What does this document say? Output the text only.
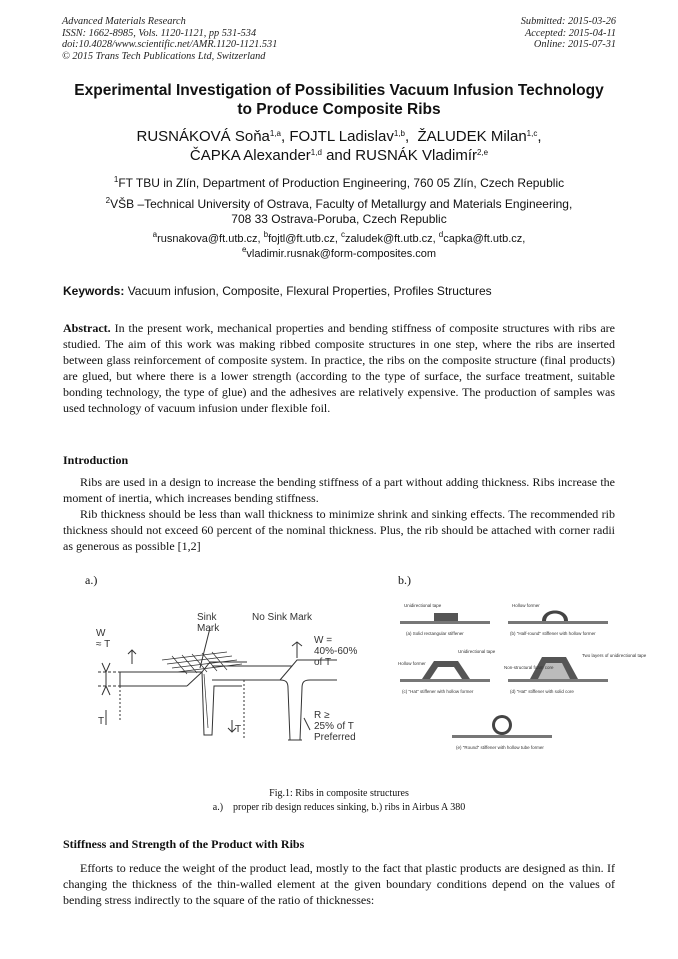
Advanced Materials Research
ISSN: 1662-8985, Vols. 1120-1121, pp 531-534
doi:10.4028/www.scientific.net/AMR.1120-1121.531
© 2015 Trans Tech Publications Ltd, Switzerland
Submitted: 2015-03-26
Accepted: 2015-04-11
Online: 2015-07-31
Experimental Investigation of Possibilities Vacuum Infusion Technology
to Produce Composite Ribs
RUSNÁKOVÁ Soňa$^{1,a}$, FOJTL Ladislav$^{1,b}$,  ŽALUDEK Milan$^{1,c}$,
ČAPKA Alexander$^{1,d}$ and RUSNÁK Vladimír$^{2,e}$
$^1$FT TBU in Zlín, Department of Production Engineering, 760 05 Zlín, Czech Republic
$^2$VŠB –Technical University of Ostrava, Faculty of Metallurgy and Materials Engineering,
708 33 Ostrava-Poruba, Czech Republic
$^a$rusnakova@ft.utb.cz, $^b$fojtl@ft.utb.cz, $^c$zaludek@ft.utb.cz, $^d$capka@ft.utb.cz,
$^e$vladimir.rusnak@form-composites.com
Keywords: Vacuum infusion, Composite, Flexural Properties, Profiles Structures
Abstract. In the present work, mechanical properties and bending stiffness of composite structures with ribs are studied. The aim of this work was making ribbed composite structures in one step, where the ribs are inserted between glass reinforcement of composite system. In practice, the ribs on the composite structure (final products) are glued, but where there is a lower strength (according to the type of surface, the surface treatment, suitable bonding technology, the type of glue) and the adhesives are relatively expensive. The production of samples was used technology of vacuum infusion under flexible foil.
Introduction
Ribs are used in a design to increase the bending stiffness of a part without adding thickness. Ribs increase the moment of inertia, which increases bending stiffness.
Rib thickness should be less than wall thickness to minimize shrink and sinking effects. The recommended rib thickness should not exceed 60 percent of the nominal thickness. Plus, the rib should be attached with corner radii as generous as possible [1,2]
a.)	b.)
Sink
Mark
No Sink Mark
W
≈ T	W =
40%-60%
of T
T
T
R ≥
25% of T
Preferred
Unidirectional tape
(a) Solid rectangular stiffener
Hollow former
(b) "Half-round" stiffener with hollow former
Hollow former
Unidirectional tape
(c) "Hat" stiffener with hollow former
Non-structural foam core
Two layers of unidirectional tape
(d) "Hat" stiffener with solid core
(e) "Round" stiffener with hollow tube former
Fig.1: Ribs in composite structures
a.)    proper rib design reduces sinking, b.) ribs in Airbus A 380
Stiffness and Strength of the Product with Ribs
Efforts to reduce the weight of the product lead, mostly to the fact that plastic products are designed as thin. If changing the thickness of the thin-walled element at the given boundary conditions depend on the values of bending stress indirectly to the square of the ratio of thicknesses:
